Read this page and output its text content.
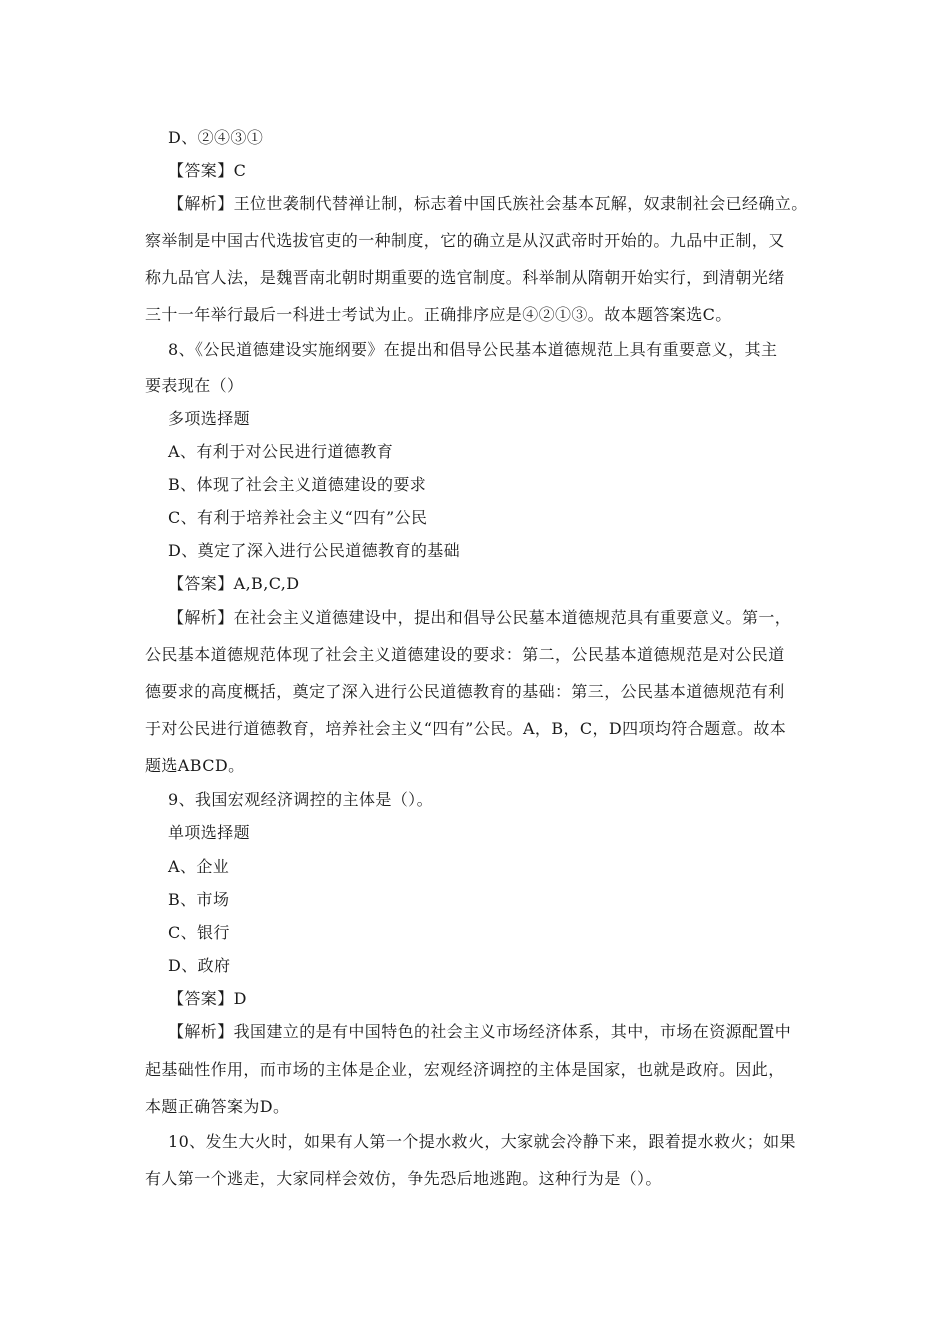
D、②④③①
【答案】C
【解析】王位世袭制代替禅让制，标志着中国氏族社会基本瓦解，奴隶制社会已经确立。
察举制是中国古代选拔官吏的一种制度，它的确立是从汉武帝时开始的。九品中正制，又
称九品官人法，是魏晋南北朝时期重要的选官制度。科举制从隋朝开始实行，到清朝光绪
三十一年举行最后一科进士考试为止。正确排序应是④②①③。故本题答案选C。
8、《公民道德建设实施纲要》在提出和倡导公民基本道德规范上具有重要意义，其主
要表现在（）
多项选择题
A、有利于对公民进行道德教育
B、体现了社会主义道德建设的要求
C、有利于培养社会主义“四有”公民
D、奠定了深入进行公民道德教育的基础
【答案】A,B,C,D
【解析】在社会主义道德建设中，提出和倡导公民墓本道德规范具有重要意义。第一，
公民基本道德规范体现了社会主义道德建设的要求：第二，公民基本道德规范是对公民道
德要求的高度概括，奠定了深入进行公民道德教育的基础：第三，公民基本道德规范有利
于对公民进行道德教育，培养社会主义“四有”公民。A，B，C，D四项均符合题意。故本
题选ABCD。
9、我国宏观经济调控的主体是（）。
单项选择题
A、企业
B、市场
C、银行
D、政府
【答案】D
【解析】我国建立的是有中国特色的社会主义市场经济体系，其中，市场在资源配置中
起基础性作用，而市场的主体是企业，宏观经济调控的主体是国家，也就是政府。因此，
本题正确答案为D。
10、发生大火时，如果有人第一个提水救火，大家就会冷静下来，跟着提水救火；如果
有人第一个逃走，大家同样会效仿，争先恐后地逃跑。这种行为是（）。
